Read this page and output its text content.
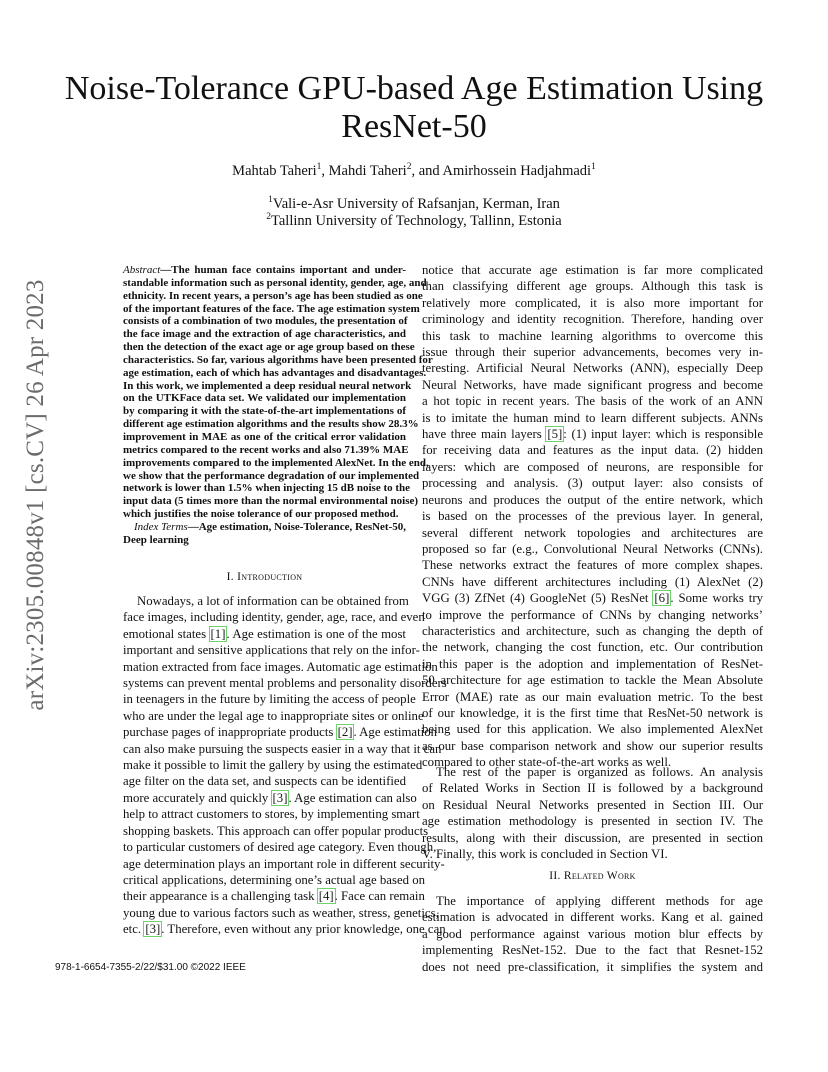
Noise-Tolerance GPU-based Age Estimation Using
ResNet-50
Mahtab Taheri$^1$, Mahdi Taheri$^2$, and Amirhossein Hadjahmadi$^1$
$^1$Vali-e-Asr University of Rafsanjan, Kerman, Iran
$^2$Tallinn University of Technology, Tallinn, Estonia
arXiv:2305.00848v1 [cs.CV] 26 Apr 2023
Abstract—The human face contains important and under-
standable information such as personal identity, gender, age, and
ethnicity. In recent years, a person’s age has been studied as one
of the important features of the face. The age estimation system
consists of a combination of two modules, the presentation of
the face image and the extraction of age characteristics, and
then the detection of the exact age or age group based on these
characteristics. So far, various algorithms have been presented for
age estimation, each of which has advantages and disadvantages.
In this work, we implemented a deep residual neural network
on the UTKFace data set. We validated our implementation
by comparing it with the state-of-the-art implementations of
different age estimation algorithms and the results show 28.3%
improvement in MAE as one of the critical error validation
metrics compared to the recent works and also 71.39% MAE
improvements compared to the implemented AlexNet. In the end,
we show that the performance degradation of our implemented
network is lower than 1.5% when injecting 15 dB noise to the
input data (5 times more than the normal environmental noise)
which justifies the noise tolerance of our proposed method.
Index Terms—Age estimation, Noise-Tolerance, ResNet-50,
Deep learning
I. Introduction
Nowadays, a lot of information can be obtained from
face images, including identity, gender, age, race, and even
emotional states [1]. Age estimation is one of the most
important and sensitive applications that rely on the infor-
mation extracted from face images. Automatic age estimation
systems can prevent mental problems and personality disorders
in teenagers in the future by limiting the access of people
who are under the legal age to inappropriate sites or online
purchase pages of inappropriate products [2]. Age estimation
can also make pursuing the suspects easier in a way that it can
make it possible to limit the gallery by using the estimated
age filter on the data set, and suspects can be identified
more accurately and quickly [3]. Age estimation can also
help to attract customers to stores, by implementing smart
shopping baskets. This approach can offer popular products
to particular customers of desired age category. Even though,
age determination plays an important role in different security-
critical applications, determining one’s actual age based on
their appearance is a challenging task [4]. Face can remain
young due to various factors such as weather, stress, genetics,
etc. [3]. Therefore, even without any prior knowledge, one can
notice that accurate age estimation is far more complicated
than classifying different age groups. Although this task is
relatively more complicated, it is also more important for
criminology and identity recognition. Therefore, handing over
this task to machine learning algorithms to overcome this
issue through their superior advancements, becomes very in-
teresting. Artificial Neural Networks (ANN), especially Deep
Neural Networks, have made significant progress and become
a hot topic in recent years. The basis of the work of an ANN
is to imitate the human mind to learn different subjects. ANNs
have three main layers [5]: (1) input layer: which is responsible
for receiving data and features as the input data. (2) hidden
layers: which are composed of neurons, are responsible for
processing and analysis. (3) output layer: also consists of
neurons and produces the output of the entire network, which
is based on the processes of the previous layer. In general,
several different network topologies and architectures are
proposed so far (e.g., Convolutional Neural Networks (CNNs).
These networks extract the features of more complex shapes.
CNNs have different architectures including (1) AlexNet (2)
VGG (3) ZfNet (4) GoogleNet (5) ResNet [6]. Some works try
to improve the performance of CNNs by changing networks’
characteristics and architecture, such as changing the depth of
the network, changing the cost function, etc. Our contribution
in this paper is the adoption and implementation of ResNet-
50 architecture for age estimation to tackle the Mean Absolute
Error (MAE) rate as our main evaluation metric. To the best
of our knowledge, it is the first time that ResNet-50 network is
being used for this application. We also implemented AlexNet
as our base comparison network and show our superior results
compared to other state-of-the-art works as well.
The rest of the paper is organized as follows. An analysis
of Related Works in Section II is followed by a background
on Residual Neural Networks presented in Section III. Our
age estimation methodology is presented in section IV. The
results, along with their discussion, are presented in section
V. Finally, this work is concluded in Section VI.
II. Related Work
The importance of applying different methods for age
estimation is advocated in different works. Kang et al. gained
a good performance against various motion blur effects by
implementing ResNet-152. Due to the fact that Resnet-152
does not need pre-classification, it simplifies the system and
978-1-6654-7355-2/22/$31.00 ©2022 IEEE
